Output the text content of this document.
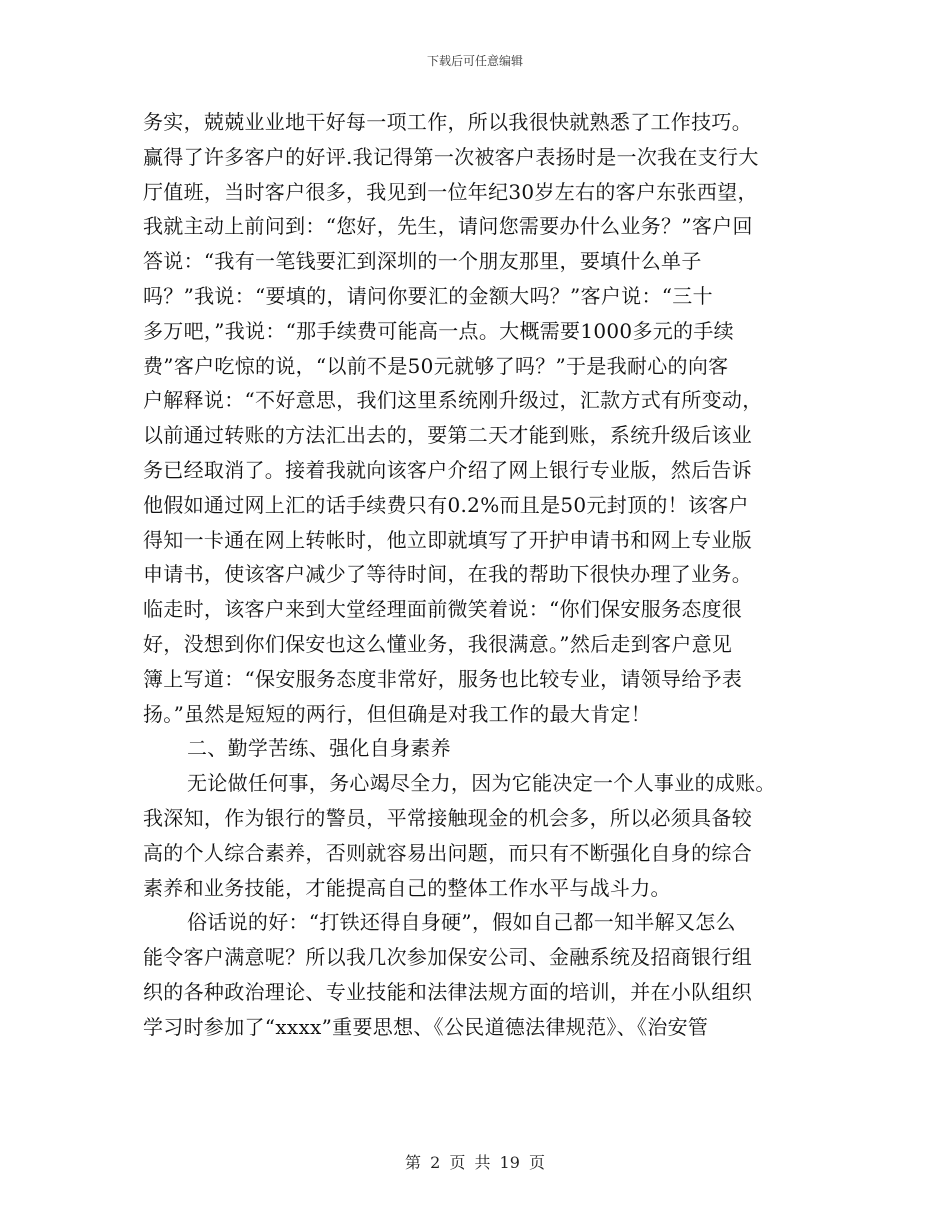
下载后可任意编辑

务实，兢兢业业地干好每一项工作，所以我很快就熟悉了工作技巧。
赢得了许多客户的好评.我记得第一次被客户表扬时是一次我在支行大
厅值班，当时客户很多，我见到一位年纪30岁左右的客户东张西望，
我就主动上前问到：“您好，先生，请问您需要办什么业务？”客户回
答说：“我有一笔钱要汇到深圳的一个朋友那里，要填什么单子
吗？”我说：“要填的，请问你要汇的金额大吗？”客户说：“三十
多万吧，”我说：“那手续费可能高一点。大概需要1000多元的手续
费”客户吃惊的说，“以前不是50元就够了吗？”于是我耐心的向客
户解释说：“不好意思，我们这里系统刚升级过，汇款方式有所变动，
以前通过转账的方法汇出去的，要第二天才能到账，系统升级后该业
务已经取消了。接着我就向该客户介绍了网上银行专业版，然后告诉
他假如通过网上汇的话手续费只有0.2%而且是50元封顶的！该客户
得知一卡通在网上转帐时，他立即就填写了开护申请书和网上专业版
申请书，使该客户减少了等待时间，在我的帮助下很快办理了业务。
临走时，该客户来到大堂经理面前微笑着说：“你们保安服务态度很
好，没想到你们保安也这么懂业务，我很满意。”然后走到客户意见
簿上写道：“保安服务态度非常好，服务也比较专业，请领导给予表
扬。”虽然是短短的两行，但但确是对我工作的最大肯定！

二、勤学苦练、强化自身素养

无论做任何事，务心竭尽全力，因为它能决定一个人事业的成账。
我深知，作为银行的警员，平常接触现金的机会多，所以必须具备较
高的个人综合素养，否则就容易出问题，而只有不断强化自身的综合
素养和业务技能，才能提高自己的整体工作水平与战斗力。

俗话说的好：“打铁还得自身硬”，假如自己都一知半解又怎么
能令客户满意呢？所以我几次参加保安公司、金融系统及招商银行组
织的各种政治理论、专业技能和法律法规方面的培训，并在小队组织
学习时参加了“xxxx”重要思想、《公民道德法律规范》、《治安管

第 2 页 共 19 页
